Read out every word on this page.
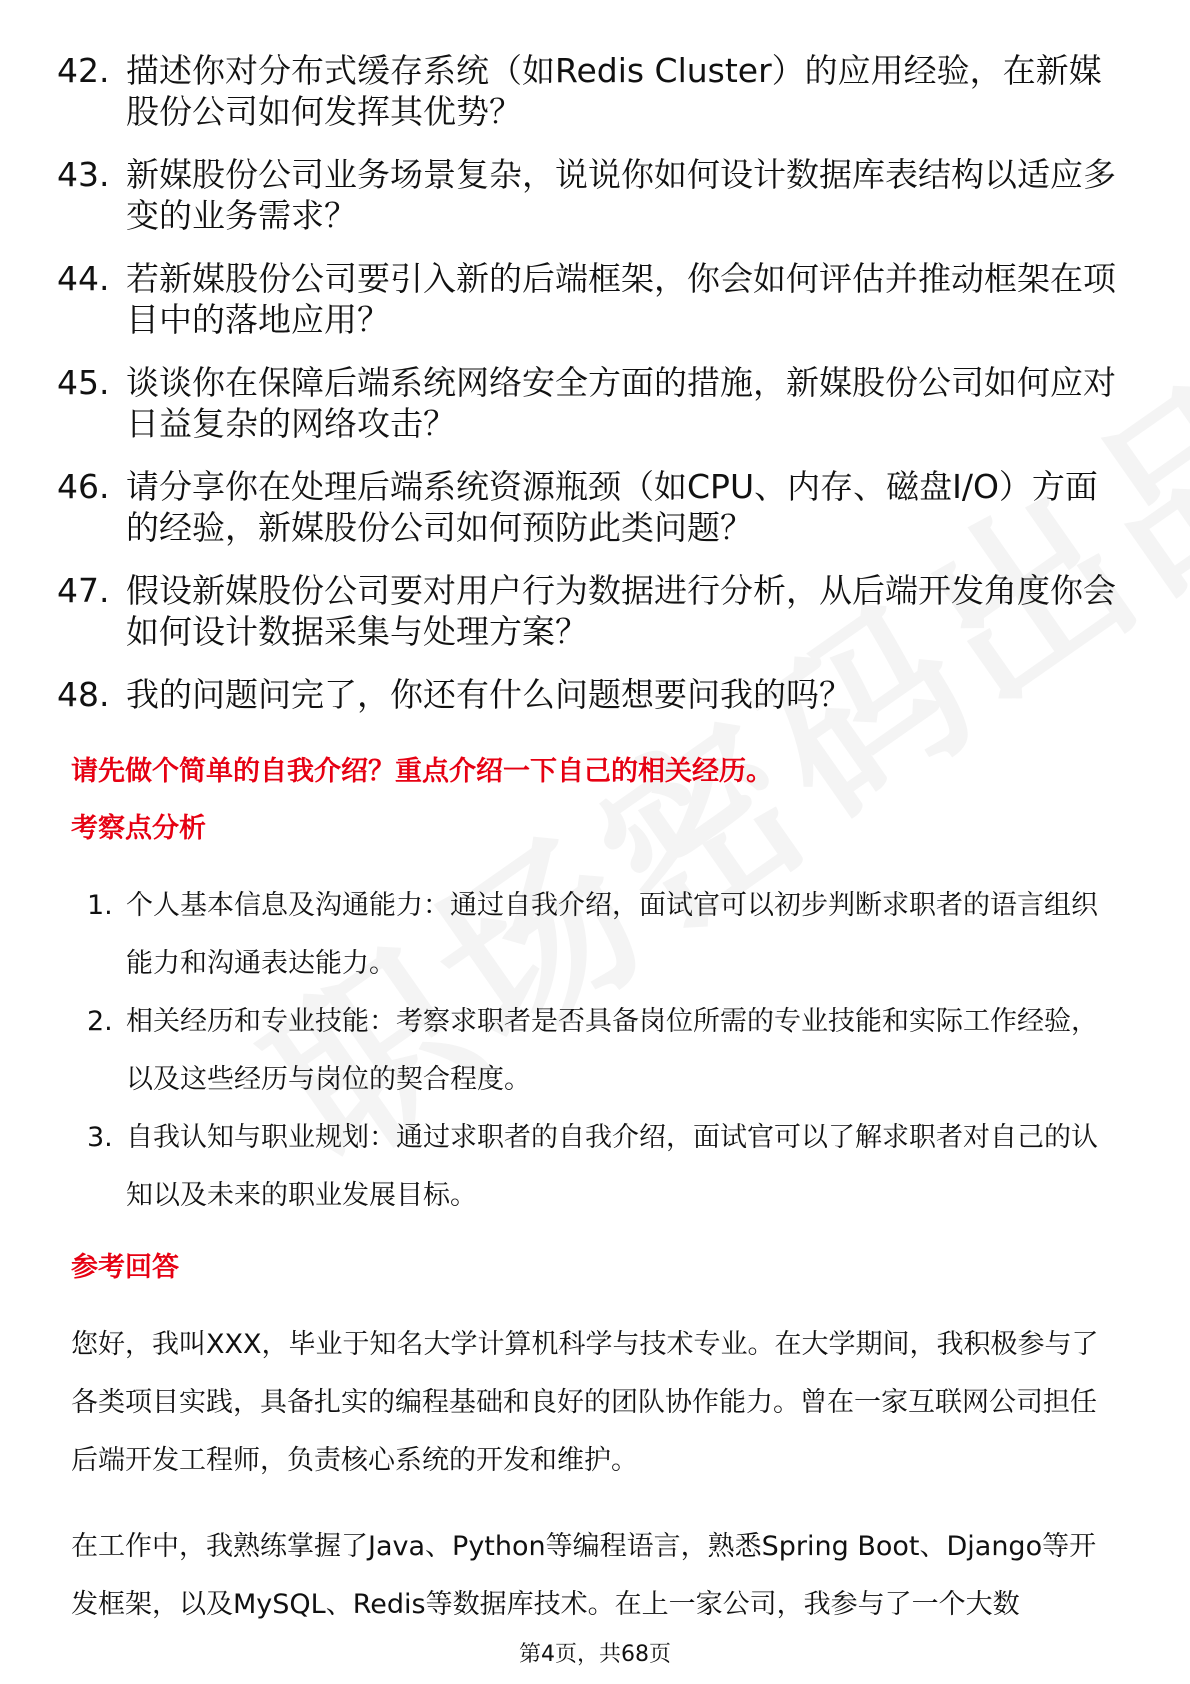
42. 描述你对分布式缓存系统（如Redis Cluster）的应用经验，在新媒股份公司如何发挥其优势？
43. 新媒股份公司业务场景复杂，说说你如何设计数据库表结构以适应多变的业务需求？
44. 若新媒股份公司要引入新的后端框架，你会如何评估并推动框架在项目中的落地应用？
45. 谈谈你在保障后端系统网络安全方面的措施，新媒股份公司如何应对日益复杂的网络攻击？
46. 请分享你在处理后端系统资源瓶颈（如CPU、内存、磁盘I/O）方面的经验，新媒股份公司如何预防此类问题？
47. 假设新媒股份公司要对用户行为数据进行分析，从后端开发角度你会如何设计数据采集与处理方案？
48. 我的问题问完了，你还有什么问题想要问我的吗？
请先做个简单的自我介绍？重点介绍一下自己的相关经历。
考察点分析
1. 个人基本信息及沟通能力：通过自我介绍，面试官可以初步判断求职者的语言组织能力和沟通表达能力。
2. 相关经历和专业技能：考察求职者是否具备岗位所需的专业技能和实际工作经验，以及这些经历与岗位的契合程度。
3. 自我认知与职业规划：通过求职者的自我介绍，面试官可以了解求职者对自己的认知以及未来的职业发展目标。
参考回答
您好，我叫XXX，毕业于知名大学计算机科学与技术专业。在大学期间，我积极参与了各类项目实践，具备扎实的编程基础和良好的团队协作能力。曾在一家互联网公司担任后端开发工程师，负责核心系统的开发和维护。
在工作中，我熟练掌握了Java、Python等编程语言，熟悉Spring Boot、Django等开发框架，以及MySQL、Redis等数据库技术。在上一家公司，我参与了一个大数
第4页，共68页
